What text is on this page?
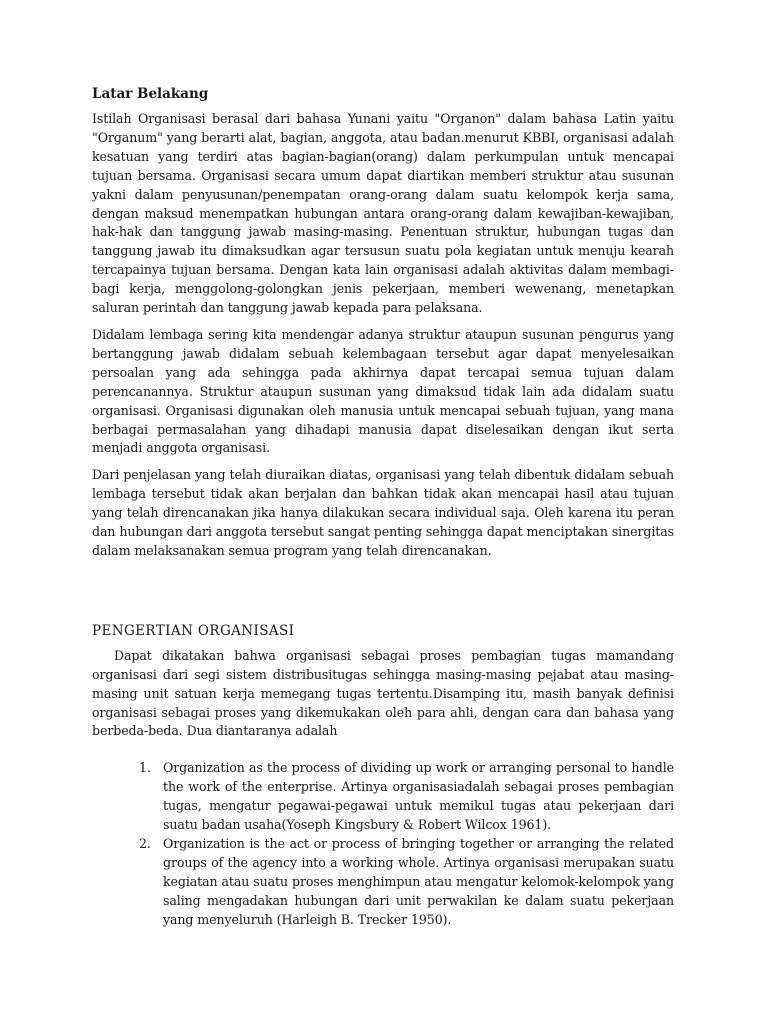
Latar Belakang

Istilah Organisasi berasal dari bahasa Yunani yaitu "Organon" dalam bahasa Latin yaitu "Organum" yang berarti alat, bagian, anggota, atau badan.menurut KBBI, organisasi adalah kesatuan yang terdiri atas bagian-bagian(orang) dalam perkumpulan untuk mencapai tujuan bersama. Organisasi secara umum dapat diartikan memberi struktur atau susunan yakni dalam penyusunan/penempatan orang-orang dalam suatu kelompok kerja sama, dengan maksud menempatkan hubungan antara orang-orang dalam kewajiban-kewajiban, hak-hak dan tanggung jawab masing-masing. Penentuan struktur, hubungan tugas dan tanggung jawab itu dimaksudkan agar tersusun suatu pola kegiatan untuk menuju kearah tercapainya tujuan bersama. Dengan kata lain organisasi adalah aktivitas dalam membagi-bagi kerja, menggolong-golongkan jenis pekerjaan, memberi wewenang, menetapkan saluran perintah dan tanggung jawab kepada para pelaksana.

Didalam lembaga sering kita mendengar adanya struktur ataupun susunan pengurus yang bertanggung jawab didalam sebuah kelembagaan tersebut agar dapat menyelesaikan persoalan yang ada sehingga pada akhirnya dapat tercapai semua tujuan dalam perencanannya. Struktur ataupun susunan yang dimaksud tidak lain ada didalam suatu organisasi. Organisasi digunakan oleh manusia untuk mencapai sebuah tujuan, yang mana berbagai permasalahan yang dihadapi manusia dapat diselesaikan dengan ikut serta menjadi anggota organisasi.

Dari penjelasan yang telah diuraikan diatas, organisasi yang telah dibentuk didalam sebuah lembaga tersebut tidak akan berjalan dan bahkan tidak akan mencapai hasil atau tujuan yang telah direncanakan jika hanya dilakukan secara individual saja. Oleh karena itu peran dan hubungan dari anggota tersebut sangat penting sehingga dapat menciptakan sinergitas dalam melaksanakan semua program yang telah direncanakan.

PENGERTIAN ORGANISASI

Dapat dikatakan bahwa organisasi sebagai proses pembagian tugas mamandang organisasi dari segi sistem distribusitugas sehingga masing-masing pejabat atau masing-masing unit satuan kerja memegang tugas tertentu.Disamping itu, masih banyak definisi organisasi sebagai proses yang dikemukakan oleh para ahli, dengan cara dan bahasa yang berbeda-beda. Dua diantaranya adalah

1. Organization as the process of dividing up work or arranging personal to handle the work of the enterprise. Artinya organisasiadalah sebagai proses pembagian tugas, mengatur pegawai-pegawai untuk memikul tugas atau pekerjaan dari suatu badan usaha(Yoseph Kingsbury & Robert Wilcox 1961).
2. Organization is the act or process of bringing together or arranging the related groups of the agency into a working whole. Artinya organisasi merupakan suatu kegiatan atau suatu proses menghimpun atau mengatur kelomok-kelompok yang saling mengadakan hubungan dari unit perwakilan ke dalam suatu pekerjaan yang menyeluruh (Harleigh B. Trecker 1950).
